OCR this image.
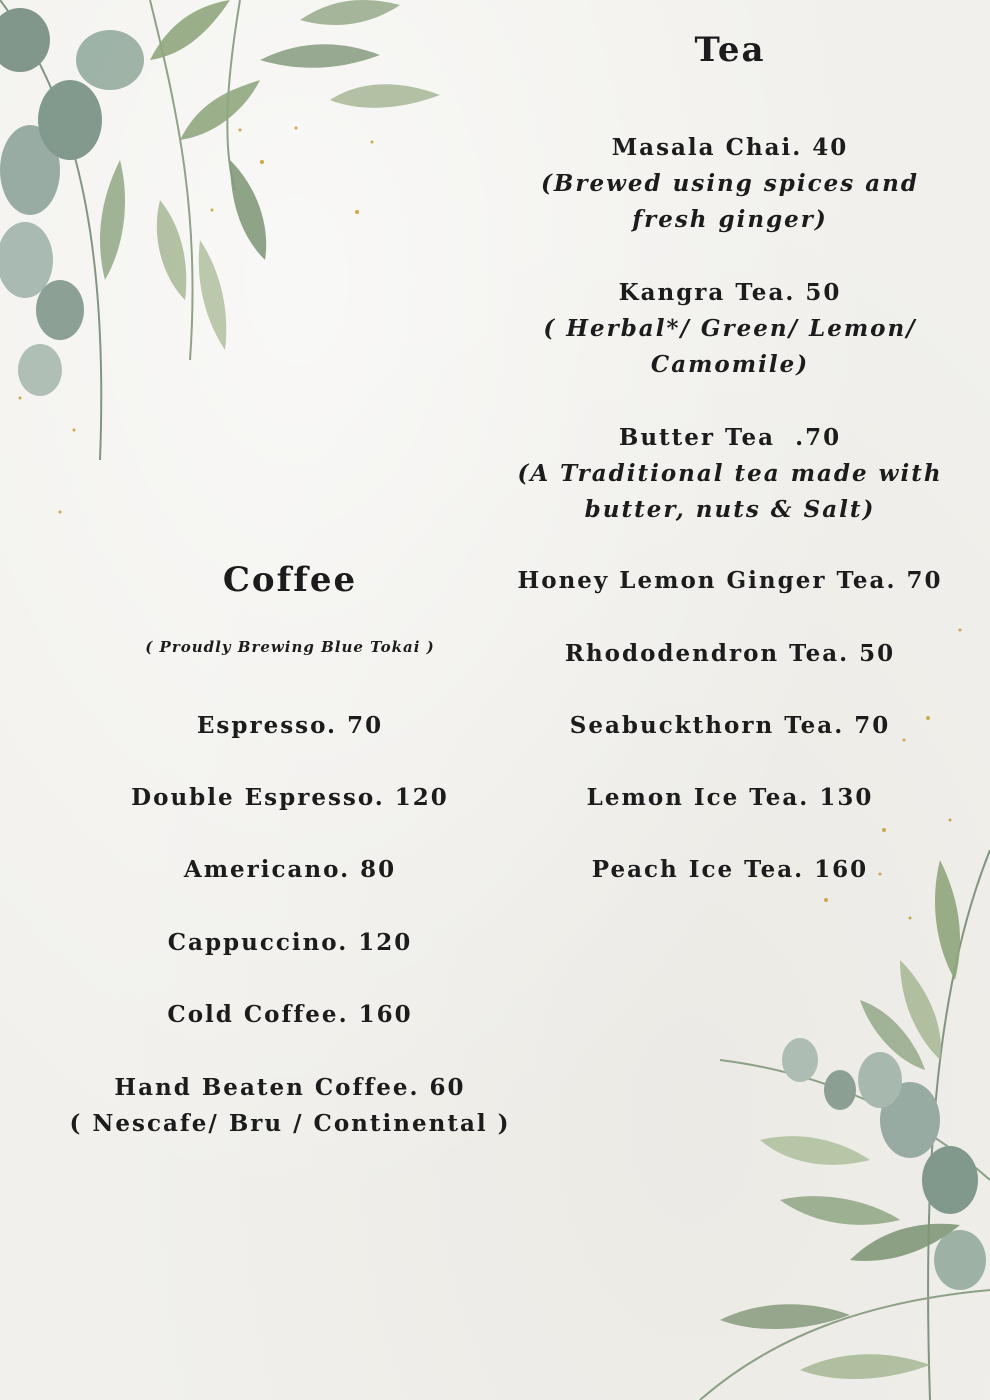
Tea
Masala Chai. 40
(Brewed using spices and
fresh ginger)
Kangra Tea. 50
( Herbal*/ Green/ Lemon/
Camomile)
Butter Tea  .70
(A Traditional tea made with
butter, nuts & Salt)
Honey Lemon Ginger Tea. 70
Rhododendron Tea. 50
Seabuckthorn Tea. 70
Lemon Ice Tea. 130
Peach Ice Tea. 160
Coffee
( Proudly Brewing Blue Tokai )
Espresso. 70
Double Espresso. 120
Americano. 80
Cappuccino. 120
Cold Coffee. 160
Hand Beaten Coffee. 60
( Nescafe/ Bru / Continental )
